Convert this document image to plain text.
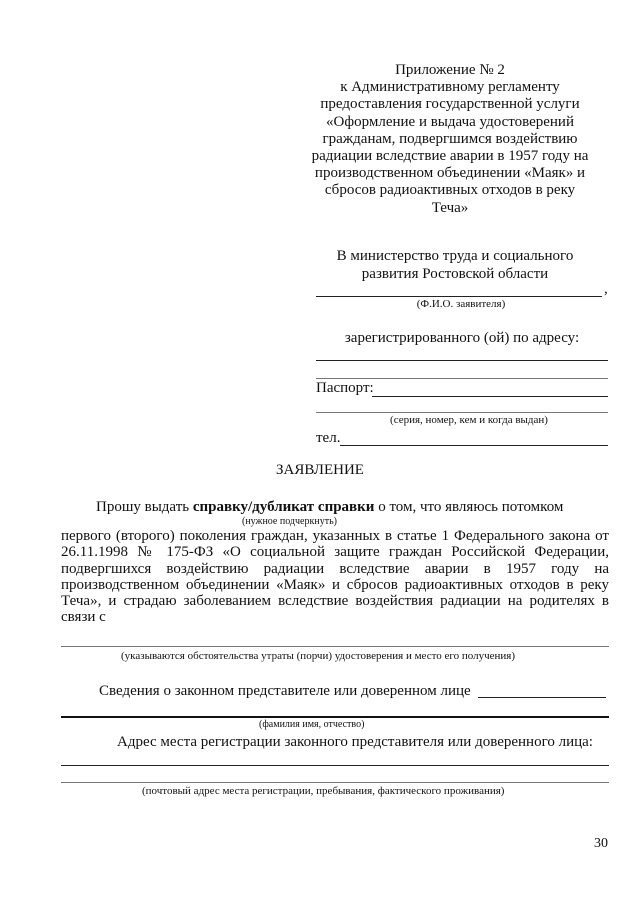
Приложение № 2
к Административному регламенту
предоставления государственной услуги
«Оформление и выдача удостоверений
гражданам, подвергшимся воздействию
радиации вследствие аварии в 1957 году на
производственном объединении «Маяк» и
сбросов радиоактивных отходов в реку
Теча»
В министерство труда и социального
развития Ростовской области
,
(Ф.И.О. заявителя)
зарегистрированного (ой) по адресу:
Паспорт:
(серия, номер, кем и когда выдан)
тел.
ЗАЯВЛЕНИЕ
Прошу выдать справку/дубликат справки о том, что являюсь потомком
(нужное подчеркнуть)
первого (второго) поколения граждан, указанных в статье 1 Федерального закона от
26.11.1998 № 175-ФЗ «О социальной защите граждан Российской Федерации,
подвергшихся воздействию радиации вследствие аварии в 1957 году на
производственном объединении «Маяк» и сбросов радиоактивных отходов в реку
Теча», и страдаю заболеванием вследствие воздействия радиации на родителях в
связи с
(указываются обстоятельства утраты (порчи) удостоверения и место его получения)
Сведения о законном представителе или доверенном лице
(фамилия имя, отчество)
Адрес места регистрации законного представителя или доверенного лица:
(почтовый адрес места регистрации, пребывания, фактического проживания)
30
